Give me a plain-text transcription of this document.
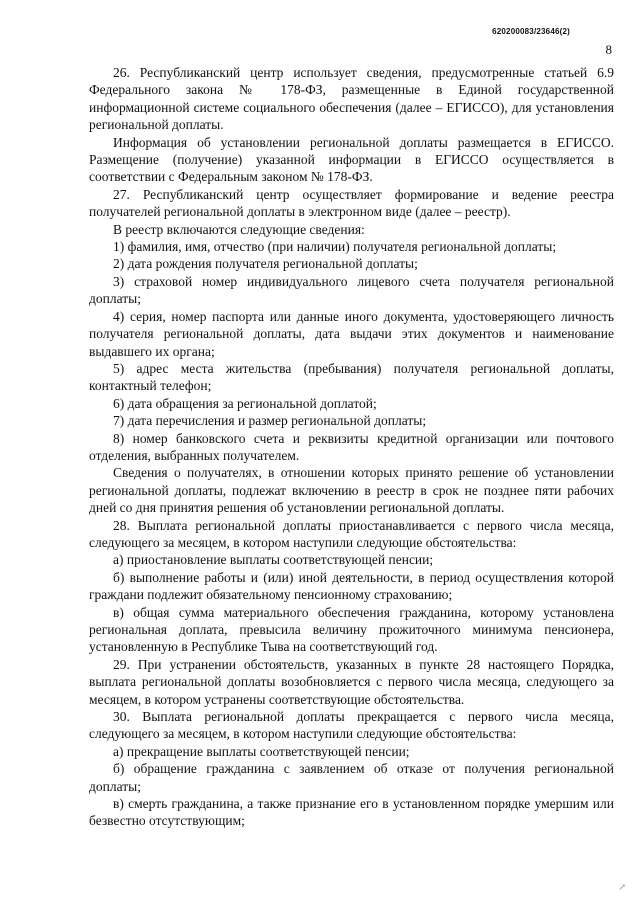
620200083/23646(2)
8

26. Республиканский центр использует сведения, предусмотренные статьей 6.9 Федерального закона № 178-ФЗ, размещенные в Единой государственной информационной системе социального обеспечения (далее – ЕГИССО), для установления региональной доплаты.

Информация об установлении региональной доплаты размещается в ЕГИССО. Размещение (получение) указанной информации в ЕГИССО осуществляется в соответствии с Федеральным законом № 178-ФЗ.

27. Республиканский центр осуществляет формирование и ведение реестра получателей региональной доплаты в электронном виде (далее – реестр).

В реестр включаются следующие сведения:

1) фамилия, имя, отчество (при наличии) получателя региональной доплаты;

2) дата рождения получателя региональной доплаты;

3) страховой номер индивидуального лицевого счета получателя региональной доплаты;

4) серия, номер паспорта или данные иного документа, удостоверяющего личность получателя региональной доплаты, дата выдачи этих документов и наименование выдавшего их органа;

5) адрес места жительства (пребывания) получателя региональной доплаты, контактный телефон;

6) дата обращения за региональной доплатой;

7) дата перечисления и размер региональной доплаты;

8) номер банковского счета и реквизиты кредитной организации или почтового отделения, выбранных получателем.

Сведения о получателях, в отношении которых принято решение об установлении региональной доплаты, подлежат включению в реестр в срок не позднее пяти рабочих дней со дня принятия решения об установлении региональной доплаты.

28. Выплата региональной доплаты приостанавливается с первого числа месяца, следующего за месяцем, в котором наступили следующие обстоятельства:

а) приостановление выплаты соответствующей пенсии;

б) выполнение работы и (или) иной деятельности, в период осуществления которой граждани подлежит обязательному пенсионному страхованию;

в) общая сумма материального обеспечения гражданина, которому установлена региональная доплата, превысила величину прожиточного минимума пенсионера, установленную в Республике Тыва на соответствующий год.

29. При устранении обстоятельств, указанных в пункте 28 настоящего Порядка, выплата региональной доплаты возобновляется с первого числа месяца, следующего за месяцем, в котором устранены соответствующие обстоятельства.

30. Выплата региональной доплаты прекращается с первого числа месяца, следующего за месяцем, в котором наступили следующие обстоятельства:

а) прекращение выплаты соответствующей пенсии;

б) обращение гражданина с заявлением об отказе от получения региональной доплаты;

в) смерть гражданина, а также признание его в установленном порядке умершим или безвестно отсутствующим;

↗
